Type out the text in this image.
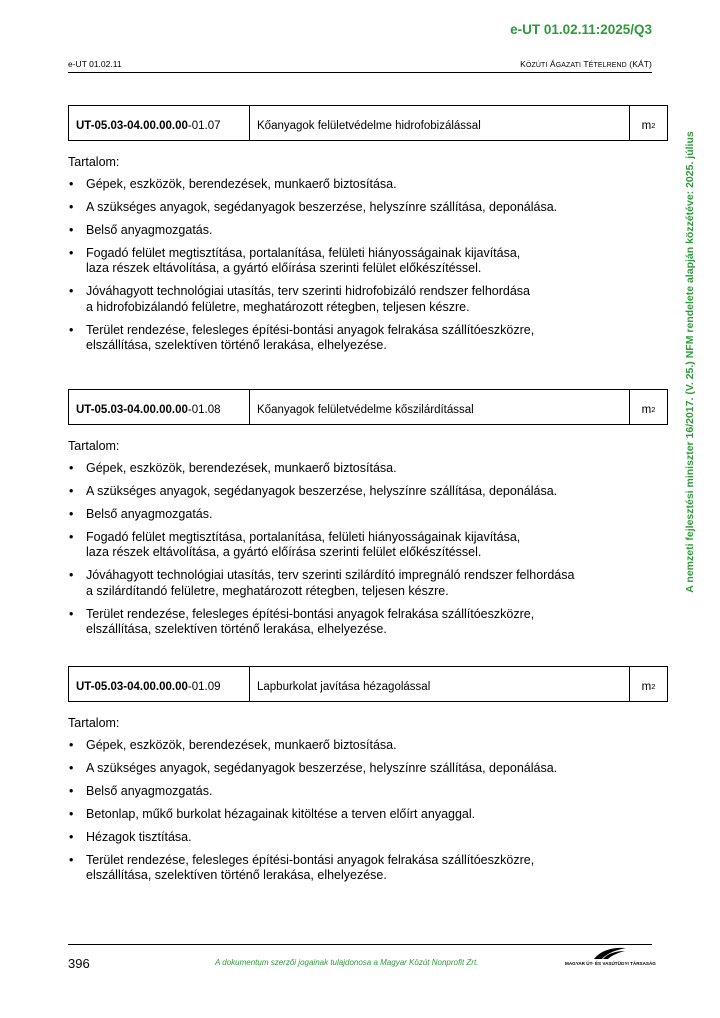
e-UT 01.02.11:2025/Q3
e-UT 01.02.11	KÖZÚTI ÁGAZATI TÉTELREND (KÁT)
A nemzeti fejlesztési miniszter 16/2017. (V. 25.) NFM rendelete alapján közzétéve: 2025. július
UT-05.03-04.00.00.00 -01.07	Kőanyagok felületvédelme hidrofobizálással	m 2
Tartalom:
• Gépek, eszközök, berendezések, munkaerő biztosítása.
• A szükséges anyagok, segédanyagok beszerzése, helyszínre szállítása, deponálása.
• Belső anyagmozgatás.
• Fogadó felület megtisztítása, portalanítása, felületi hiányosságainak kijavítása,
laza részek eltávolítása, a gyártó előírása szerinti felület előkészítéssel.
• Jóváhagyott technológiai utasítás, terv szerinti hidrofobizáló rendszer felhordása
a hidrofobizálandó felületre, meghatározott rétegben, teljesen készre.
• Terület rendezése, felesleges építési-bontási anyagok felrakása szállítóeszközre,
elszállítása, szelektíven történő lerakása, elhelyezése.
UT-05.03-04.00.00.00 -01.08	Kőanyagok felületvédelme kőszilárdítással	m 2
Tartalom:
• Gépek, eszközök, berendezések, munkaerő biztosítása.
• A szükséges anyagok, segédanyagok beszerzése, helyszínre szállítása, deponálása.
• Belső anyagmozgatás.
• Fogadó felület megtisztítása, portalanítása, felületi hiányosságainak kijavítása,
laza részek eltávolítása, a gyártó előírása szerinti felület előkészítéssel.
• Jóváhagyott technológiai utasítás, terv szerinti szilárdító impregnáló rendszer felhordása
a szilárdítandó felületre, meghatározott rétegben, teljesen készre.
• Terület rendezése, felesleges építési-bontási anyagok felrakása szállítóeszközre,
elszállítása, szelektíven történő lerakása, elhelyezése.
UT-05.03-04.00.00.00 -01.09	Lapburkolat javítása hézagolással	m 2
Tartalom:
• Gépek, eszközök, berendezések, munkaerő biztosítása.
• A szükséges anyagok, segédanyagok beszerzése, helyszínre szállítása, deponálása.
• Belső anyagmozgatás.
• Betonlap, műkő burkolat hézagainak kitöltése a terven előírt anyaggal.
• Hézagok tisztítása.
• Terület rendezése, felesleges építési-bontási anyagok felrakása szállítóeszközre,
elszállítása, szelektíven történő lerakása, elhelyezése.
396	A dokumentum szerzői jogainak tulajdonosa a Magyar Közút Nonprofit Zrt.	MAGYAR ÚT- ÉS VASÚTÜGYI TÁRSASÁG
